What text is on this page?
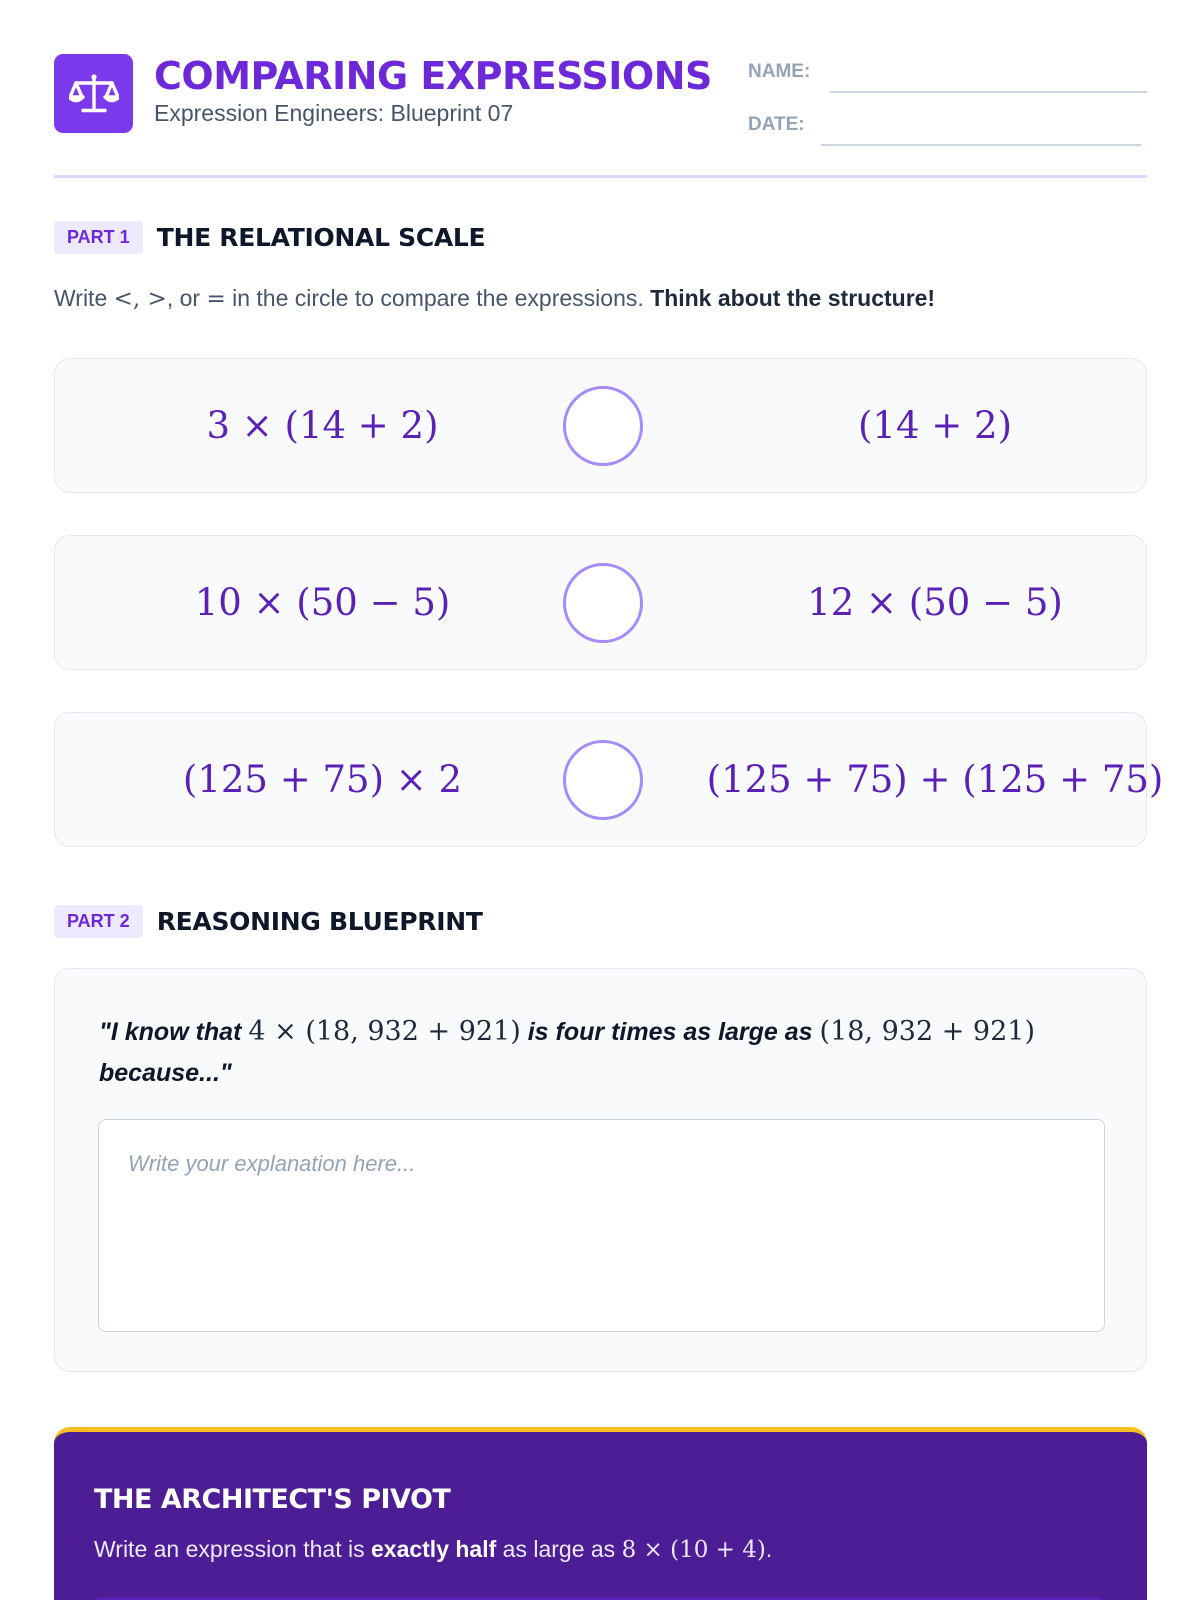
COMPARING EXPRESSIONS
Expression Engineers: Blueprint 07
NAME:
DATE:
PART 1	THE RELATIONAL SCALE
Write <, >, or = in the circle to compare the expressions. Think about the structure!
3 × (14 + 2)	(14 + 2)
10 × (50 − 5)	12 × (50 − 5)
(125 + 75) × 2	(125 + 75) + (125 + 75)
PART 2	REASONING BLUEPRINT
"I know that 4 × (18, 932 + 921) is four times as large as (18, 932 + 921)
because..."
Write your explanation here...
THE ARCHITECT'S PIVOT
Write an expression that is exactly half as large as 8 × (10 + 4).
